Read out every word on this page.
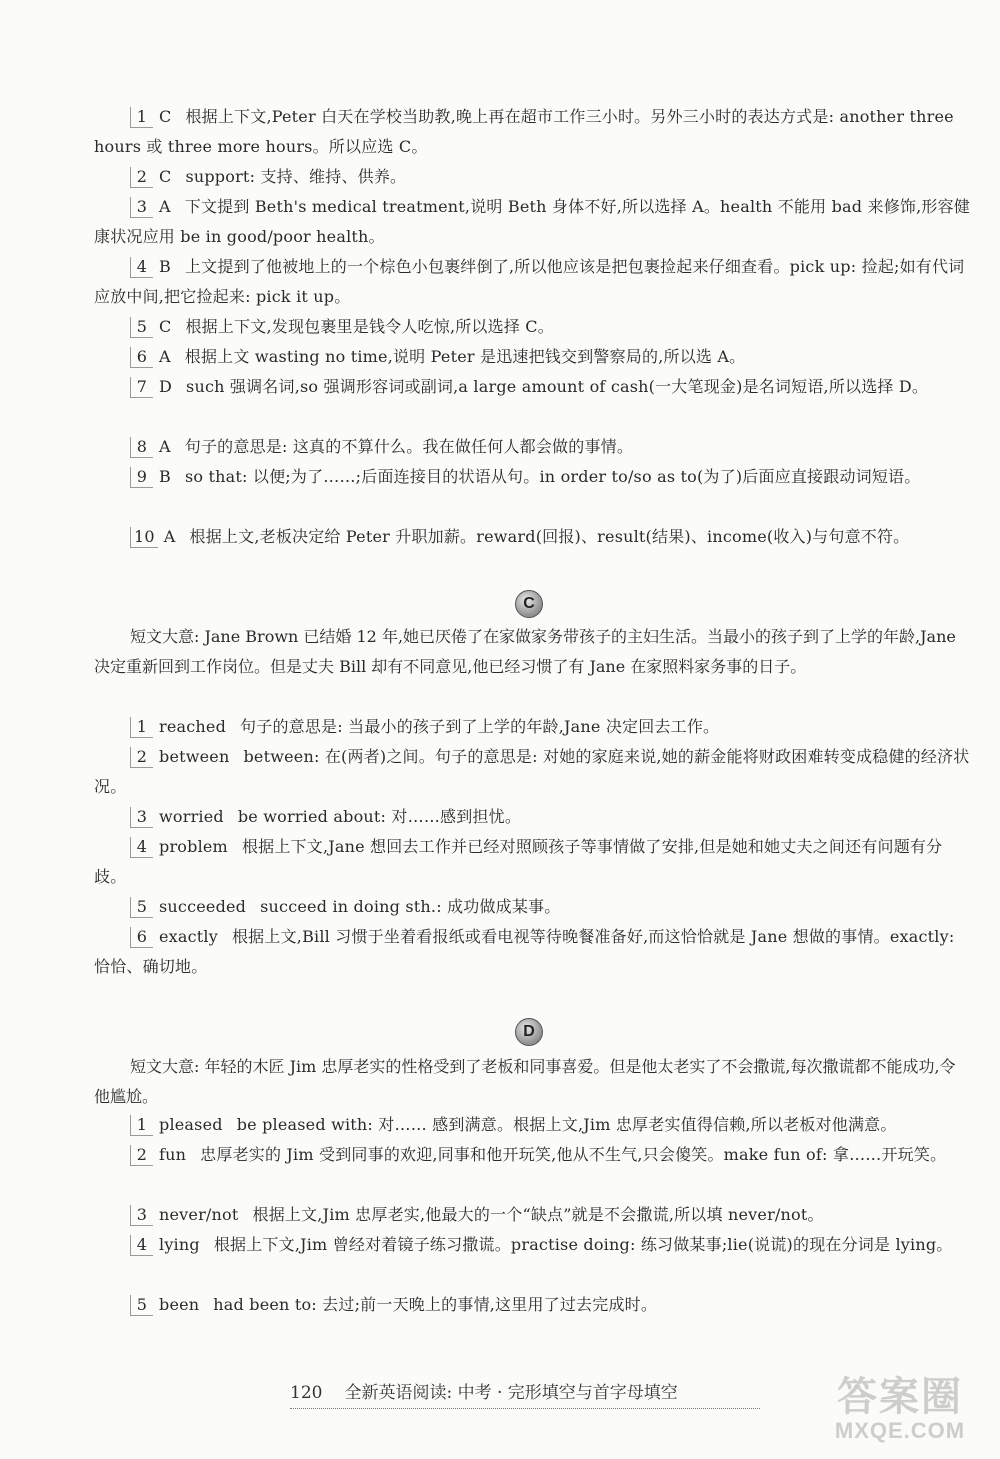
1 C 根据上下文,Peter 白天在学校当助教,晚上再在超市工作三小时。另外三小时的表达方式是: another three hours 或 three more hours。所以应选 C。
2 C support: 支持、维持、供养。
3 A 下文提到 Beth's medical treatment,说明 Beth 身体不好,所以选择 A。health 不能用 bad 来修饰,形容健康状况应用 be in good/poor health。
4 B 上文提到了他被地上的一个棕色小包裹绊倒了,所以他应该是把包裹捡起来仔细查看。pick up: 捡起;如有代词应放中间,把它捡起来: pick it up。
5 C 根据上下文,发现包裹里是钱令人吃惊,所以选择 C。
6 A 根据上文 wasting no time,说明 Peter 是迅速把钱交到警察局的,所以选 A。
7 D such 强调名词,so 强调形容词或副词,a large amount of cash(一大笔现金)是名词短语,所以选择 D。
8 A 句子的意思是: 这真的不算什么。我在做任何人都会做的事情。
9 B so that: 以便;为了……;后面连接目的状语从句。in order to/so as to(为了)后面应直接跟动词短语。
10 A 根据上文,老板决定给 Peter 升职加薪。reward(回报)、result(结果)、income(收入)与句意不符。
C
短文大意: Jane Brown 已结婚 12 年,她已厌倦了在家做家务带孩子的主妇生活。当最小的孩子到了上学的年龄,Jane 决定重新回到工作岗位。但是丈夫 Bill 却有不同意见,他已经习惯了有 Jane 在家照料家务事的日子。
1 reached 句子的意思是: 当最小的孩子到了上学的年龄,Jane 决定回去工作。
2 between between: 在(两者)之间。句子的意思是: 对她的家庭来说,她的薪金能将财政困难转变成稳健的经济状况。
3 worried be worried about: 对……感到担忧。
4 problem 根据上下文,Jane 想回去工作并已经对照顾孩子等事情做了安排,但是她和她丈夫之间还有问题有分歧。
5 succeeded succeed in doing sth.: 成功做成某事。
6 exactly 根据上文,Bill 习惯于坐着看报纸或看电视等待晚餐准备好,而这恰恰就是 Jane 想做的事情。exactly: 恰恰、确切地。
D
短文大意: 年轻的木匠 Jim 忠厚老实的性格受到了老板和同事喜爱。但是他太老实了不会撒谎,每次撒谎都不能成功,令他尴尬。
1 pleased be pleased with: 对…… 感到满意。根据上文,Jim 忠厚老实值得信赖,所以老板对他满意。
2 fun 忠厚老实的 Jim 受到同事的欢迎,同事和他开玩笑,他从不生气,只会傻笑。make fun of: 拿……开玩笑。
3 never/not 根据上文,Jim 忠厚老实,他最大的一个“缺点”就是不会撒谎,所以填 never/not。
4 lying 根据上下文,Jim 曾经对着镜子练习撒谎。practise doing: 练习做某事;lie(说谎)的现在分词是 lying。
5 been had been to: 去过;前一天晚上的事情,这里用了过去完成时。
120 全新英语阅读: 中考 · 完形填空与首字母填空	答案圈
MXQE.COM
